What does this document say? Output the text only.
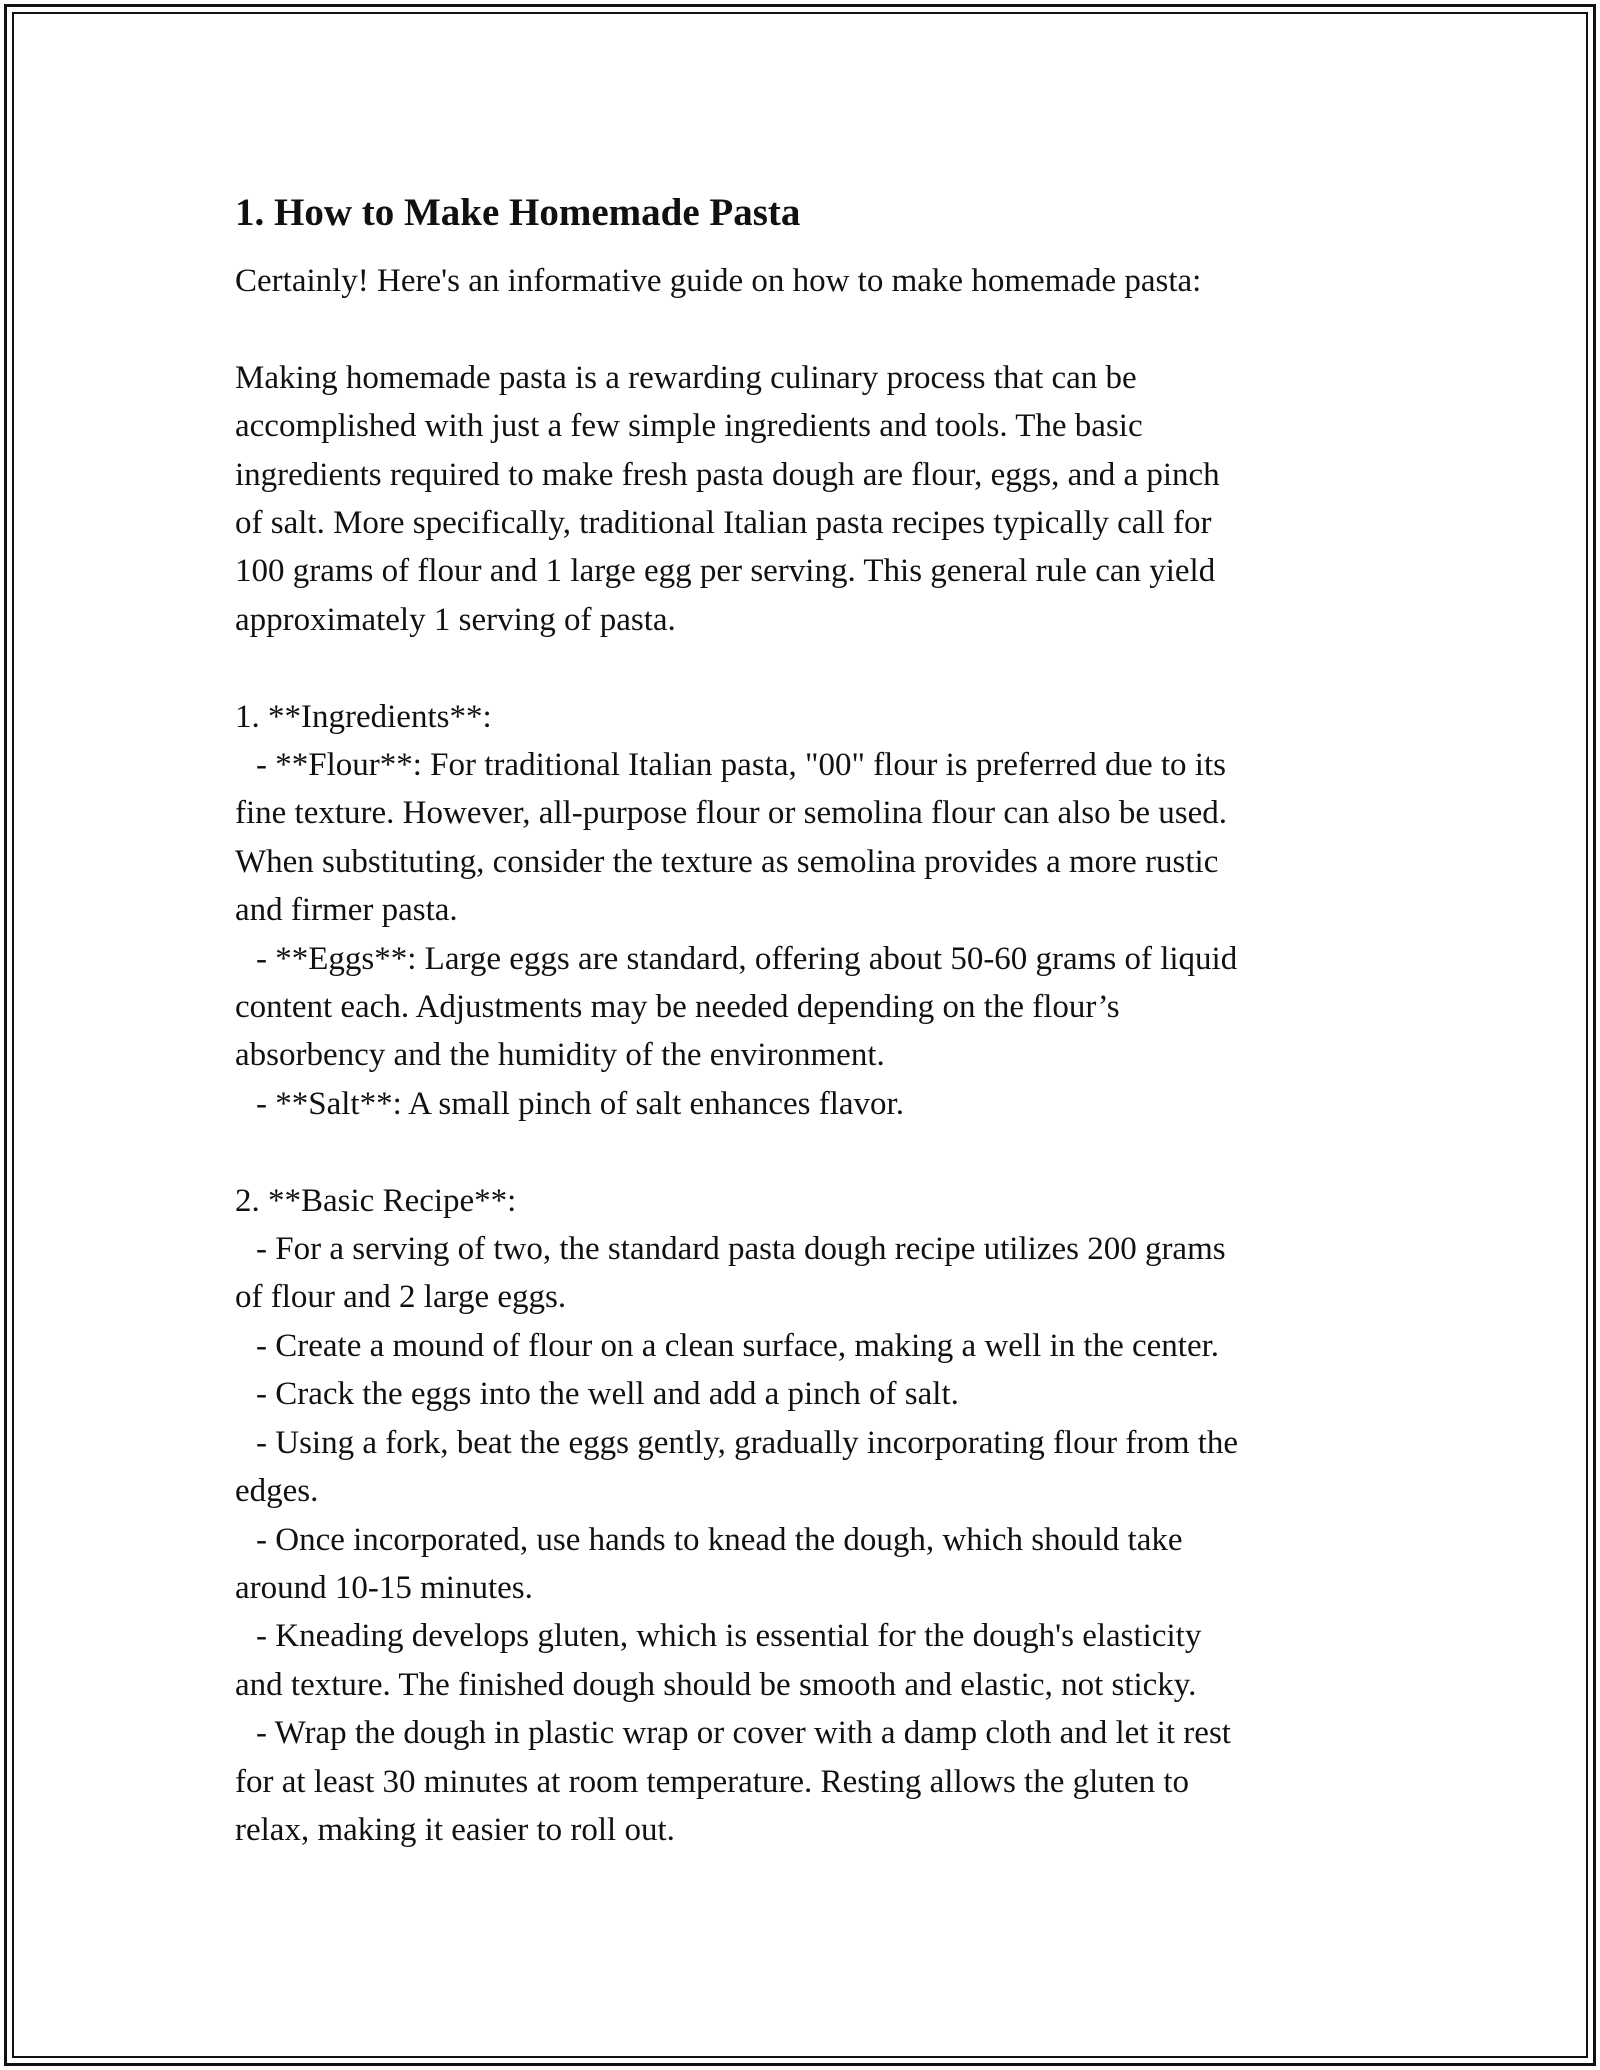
1. How to Make Homemade Pasta
Certainly! Here's an informative guide on how to make homemade pasta:
Making homemade pasta is a rewarding culinary process that can be
accomplished with just a few simple ingredients and tools. The basic
ingredients required to make fresh pasta dough are flour, eggs, and a pinch
of salt. More specifically, traditional Italian pasta recipes typically call for
100 grams of flour and 1 large egg per serving. This general rule can yield
approximately 1 serving of pasta.
1. **Ingredients**:
- **Flour**: For traditional Italian pasta, "00" flour is preferred due to its
fine texture. However, all-purpose flour or semolina flour can also be used.
When substituting, consider the texture as semolina provides a more rustic
and firmer pasta.
- **Eggs**: Large eggs are standard, offering about 50-60 grams of liquid
content each. Adjustments may be needed depending on the flour’s
absorbency and the humidity of the environment.
- **Salt**: A small pinch of salt enhances flavor.
2. **Basic Recipe**:
- For a serving of two, the standard pasta dough recipe utilizes 200 grams
of flour and 2 large eggs.
- Create a mound of flour on a clean surface, making a well in the center.
- Crack the eggs into the well and add a pinch of salt.
- Using a fork, beat the eggs gently, gradually incorporating flour from the
edges.
- Once incorporated, use hands to knead the dough, which should take
around 10-15 minutes.
- Kneading develops gluten, which is essential for the dough's elasticity
and texture. The finished dough should be smooth and elastic, not sticky.
- Wrap the dough in plastic wrap or cover with a damp cloth and let it rest
for at least 30 minutes at room temperature. Resting allows the gluten to
relax, making it easier to roll out.
